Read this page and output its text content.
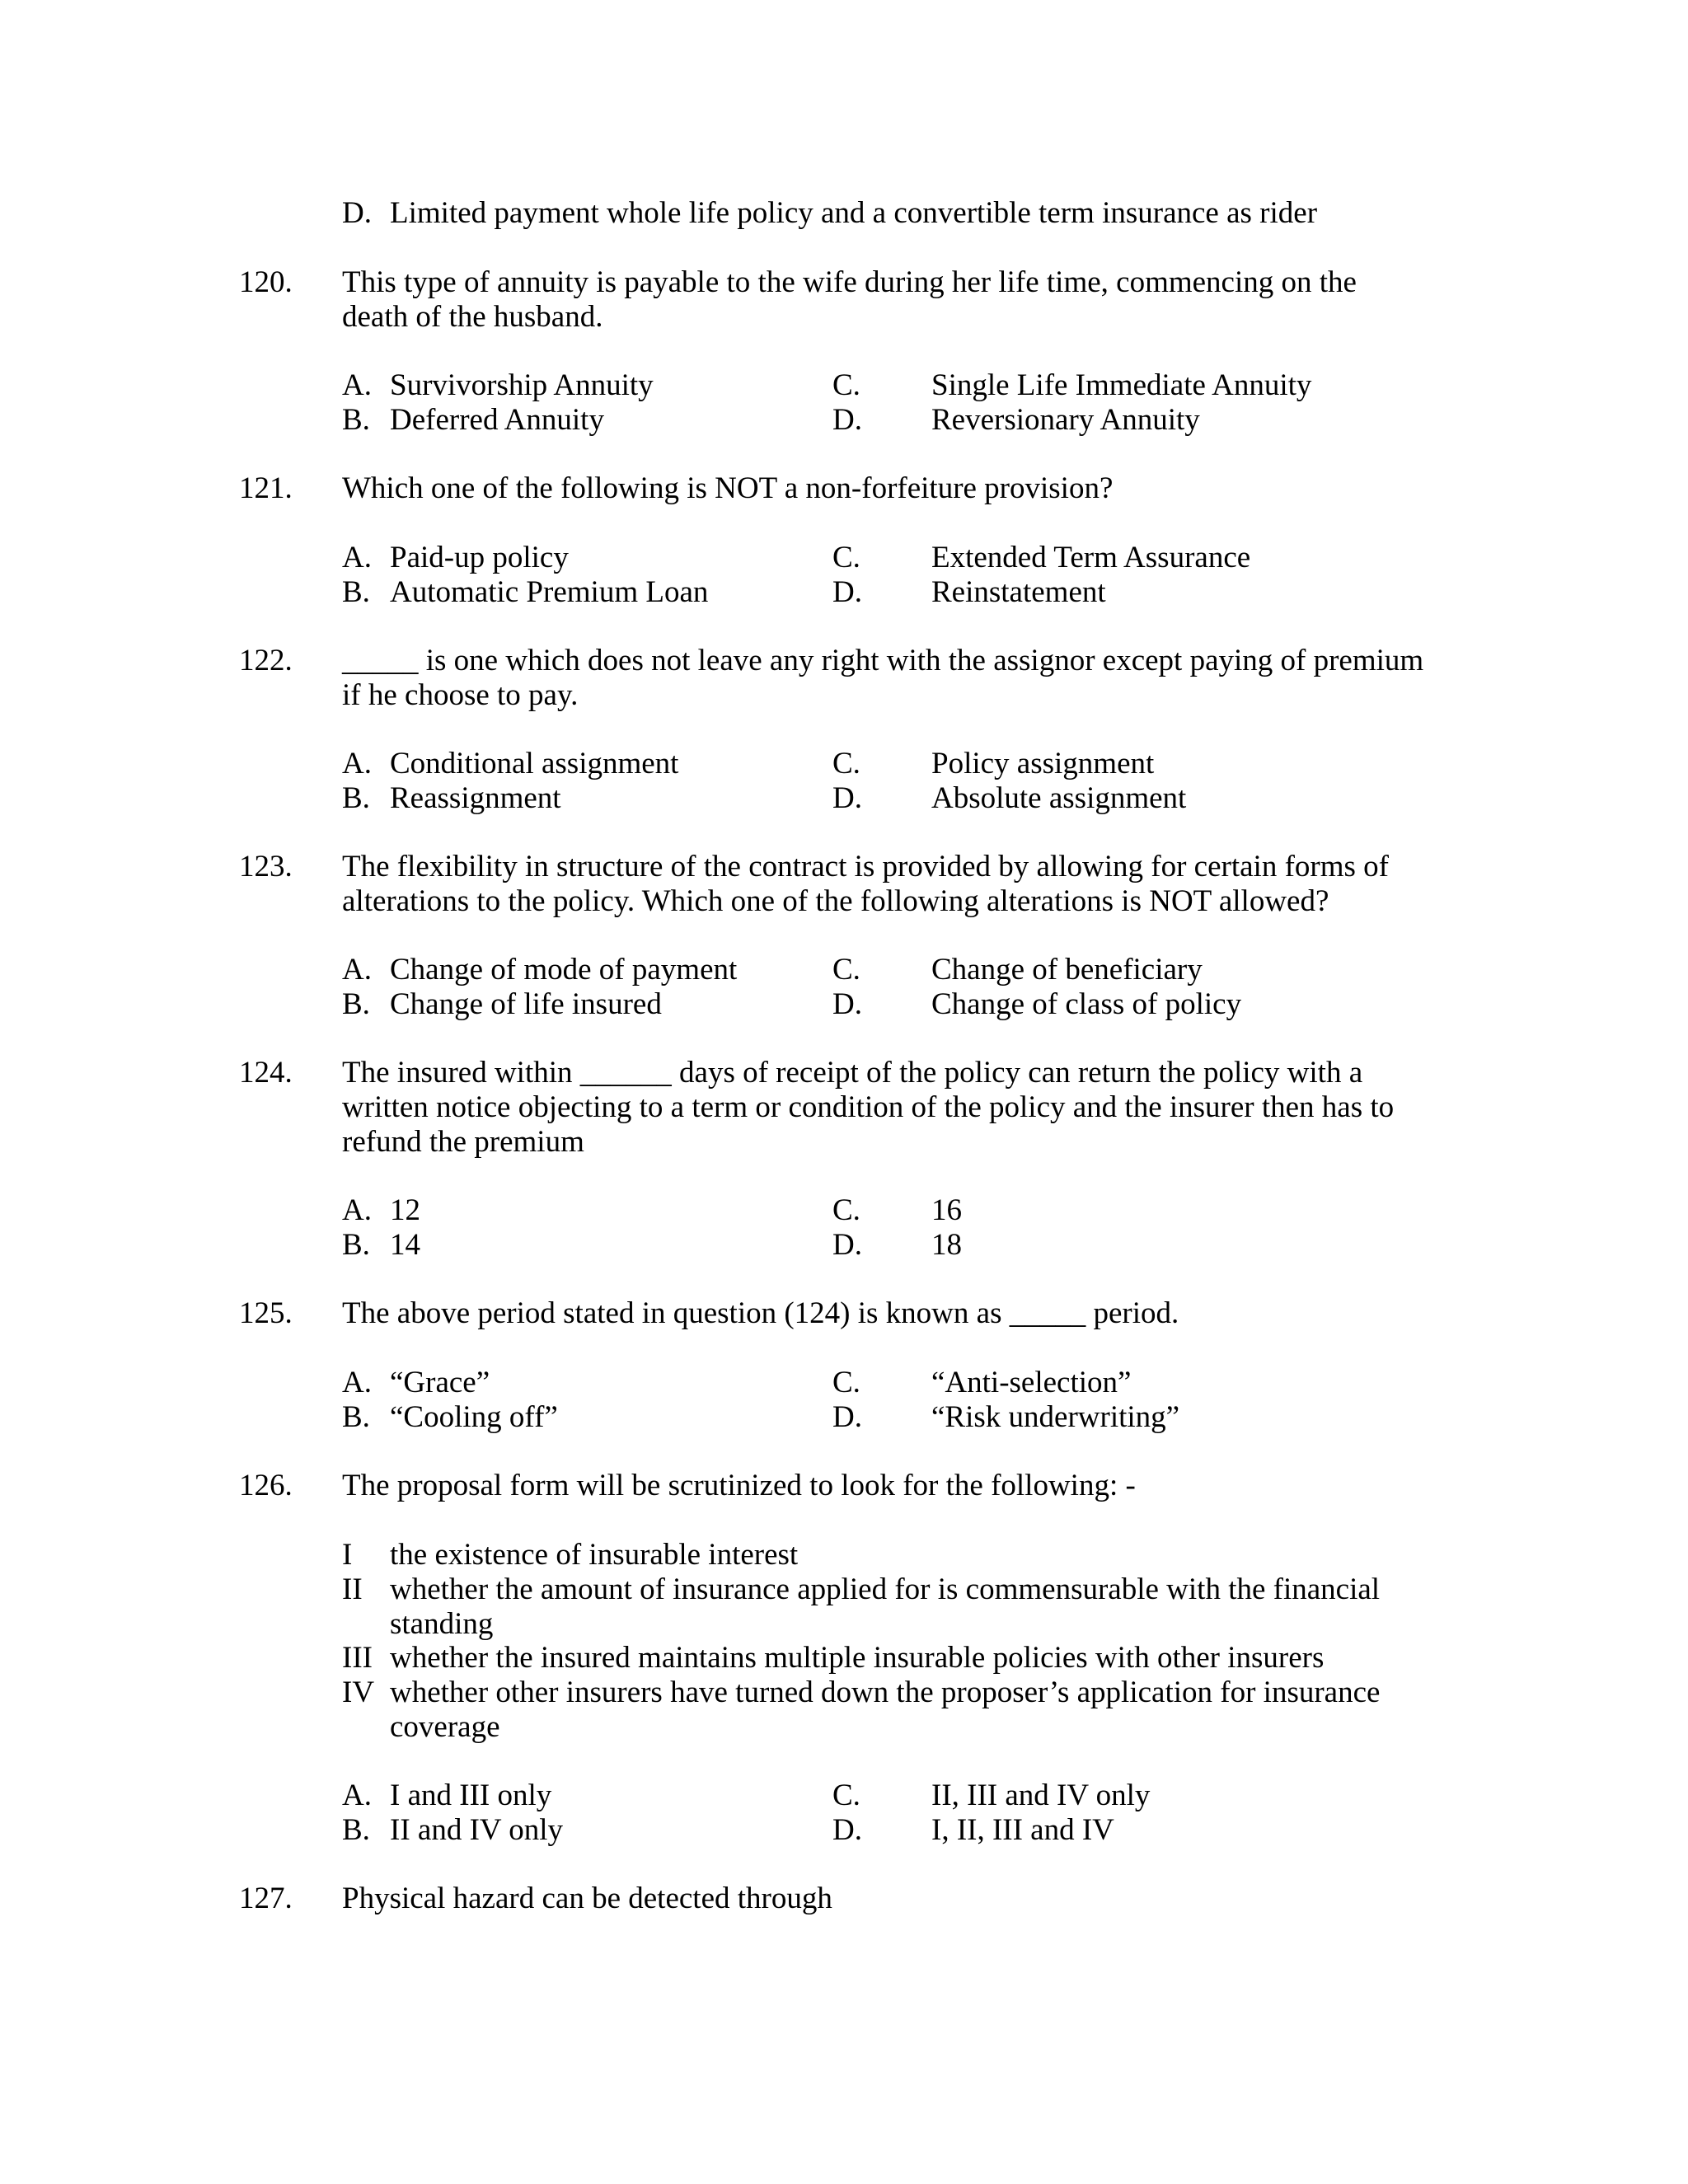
D. Limited payment whole life policy and a convertible term insurance as rider
120. This type of annuity is payable to the wife during her life time, commencing on the death of the husband.
A. Survivorship Annuity	C. Single Life Immediate Annuity
B. Deferred Annuity	D. Reversionary Annuity
121. Which one of the following is NOT a non-forfeiture provision?
A. Paid-up policy	C. Extended Term Assurance
B. Automatic Premium Loan	D. Reinstatement
122. _____ is one which does not leave any right with the assignor except paying of premium if he choose to pay.
A. Conditional assignment	C. Policy assignment
B. Reassignment	D. Absolute assignment
123. The flexibility in structure of the contract is provided by allowing for certain forms of alterations to the policy. Which one of the following alterations is NOT allowed?
A. Change of mode of payment	C. Change of beneficiary
B. Change of life insured	D. Change of class of policy
124. The insured within ______ days of receipt of the policy can return the policy with a written notice objecting to a term or condition of the policy and the insurer then has to refund the premium
A. 12	C. 16
B. 14	D. 18
125. The above period stated in question (124) is known as _____ period.
A. “Grace”	C. “Anti-selection”
B. “Cooling off”	D. “Risk underwriting”
126. The proposal form will be scrutinized to look for the following: -
I the existence of insurable interest
II whether the amount of insurance applied for is commensurable with the financial standing
III whether the insured maintains multiple insurable policies with other insurers
IV whether other insurers have turned down the proposer’s application for insurance coverage
A. I and III only	C. II, III and IV only
B. II and IV only	D. I, II, III and IV
127. Physical hazard can be detected through
